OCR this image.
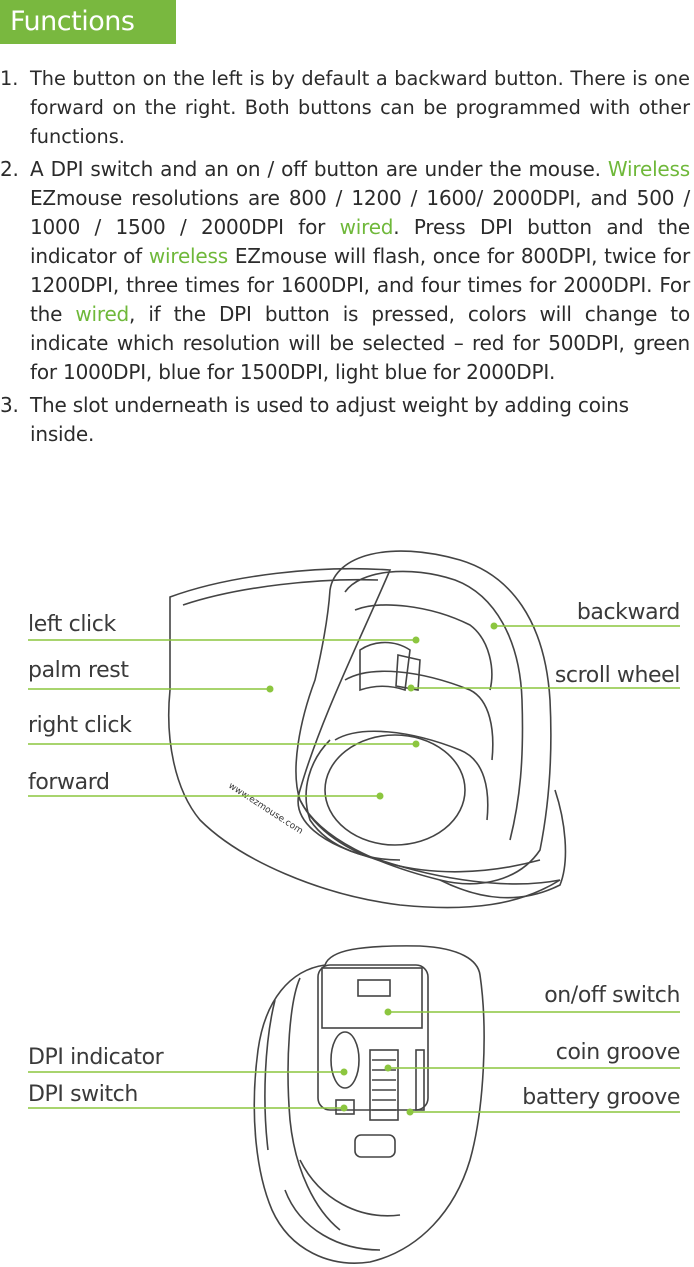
Functions
1. The button on the left is by default a backward button. There is one forward on the right. Both buttons can be programmed with other functions.
2. A DPI switch and an on / off button are under the mouse. Wireless EZmouse resolutions are 800 / 1200 / 1600/ 2000DPI, and 500 / 1000 / 1500 / 2000DPI for wired. Press DPI button and the indicator of wireless EZmouse will flash, once for 800DPI, twice for 1200DPI, three times for 1600DPI, and four times for 2000DPI. For the wired, if the DPI button is pressed, colors will change to indicate which resolution will be selected – red for 500DPI, green for 1000DPI, blue for 1500DPI, light blue for 2000DPI.
3. The slot underneath is used to adjust weight by adding coins inside.
www.ezmouse.com
left click
palm rest
right click
forward
backward
scroll wheel
DPI indicator
DPI switch
on/off switch
coin groove
battery groove
